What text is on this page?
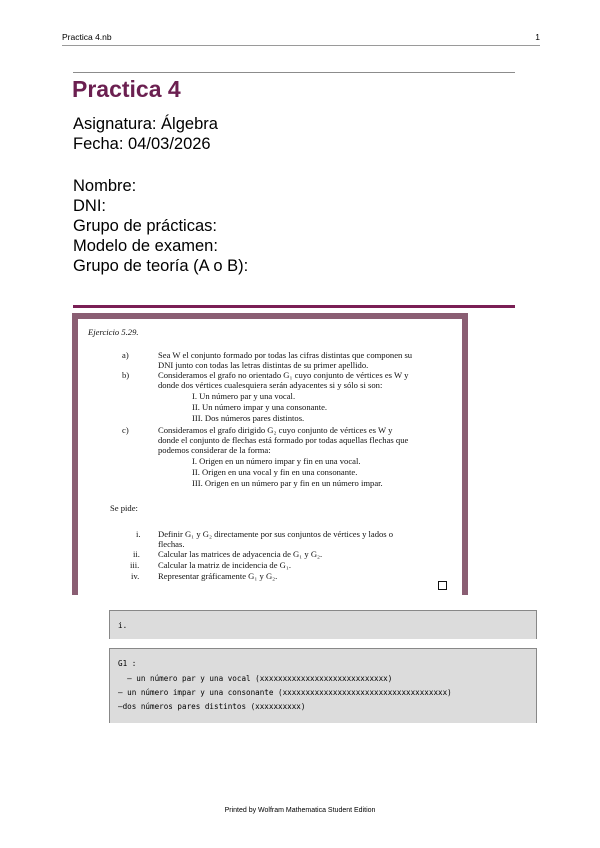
Practica 4.nb	1
Practica 4
Asignatura: Álgebra
Fecha: 04/03/2026
Nombre:
DNI:
Grupo de prácticas:
Modelo de examen:
Grupo de teoría (A o B):
Ejercicio 5.29.
a)	Sea W el conjunto formado por todas las cifras distintas que componen su
DNI junto con todas las letras distintas de su primer apellido.
b)	Consideramos el grafo no orientado G₁ cuyo conjunto de vértices es W y
donde dos vértices cualesquiera serán adyacentes si y sólo si son:
I. Un número par y una vocal.
II. Un número impar y una consonante.
III. Dos números pares distintos.
c)	Consideramos el grafo dirigido G₂ cuyo conjunto de vértices es W y
donde el conjunto de flechas está formado por todas aquellas flechas que
podemos considerar de la forma:
I. Origen en un número impar y fin en una vocal.
II. Origen en una vocal y fin en una consonante.
III. Origen en un número par y fin en un número impar.
Se pide:
i. Definir G₁ y G₂ directamente por sus conjuntos de vértices y lados o
flechas.
ii. Calcular las matrices de adyacencia de G₁ y G₂.
iii. Calcular la matriz de incidencia de G₁.
iv. Representar gráficamente G₁ y G₂.
i.
G1 :
– un número par y una vocal (xxxxxxxxxxxxxxxxxxxxxxxxxxxx)
– un número impar y una consonante (xxxxxxxxxxxxxxxxxxxxxxxxxxxxxxxxxxxx)
–dos números pares distintos (xxxxxxxxxx)
Printed by Wolfram Mathematica Student Edition
